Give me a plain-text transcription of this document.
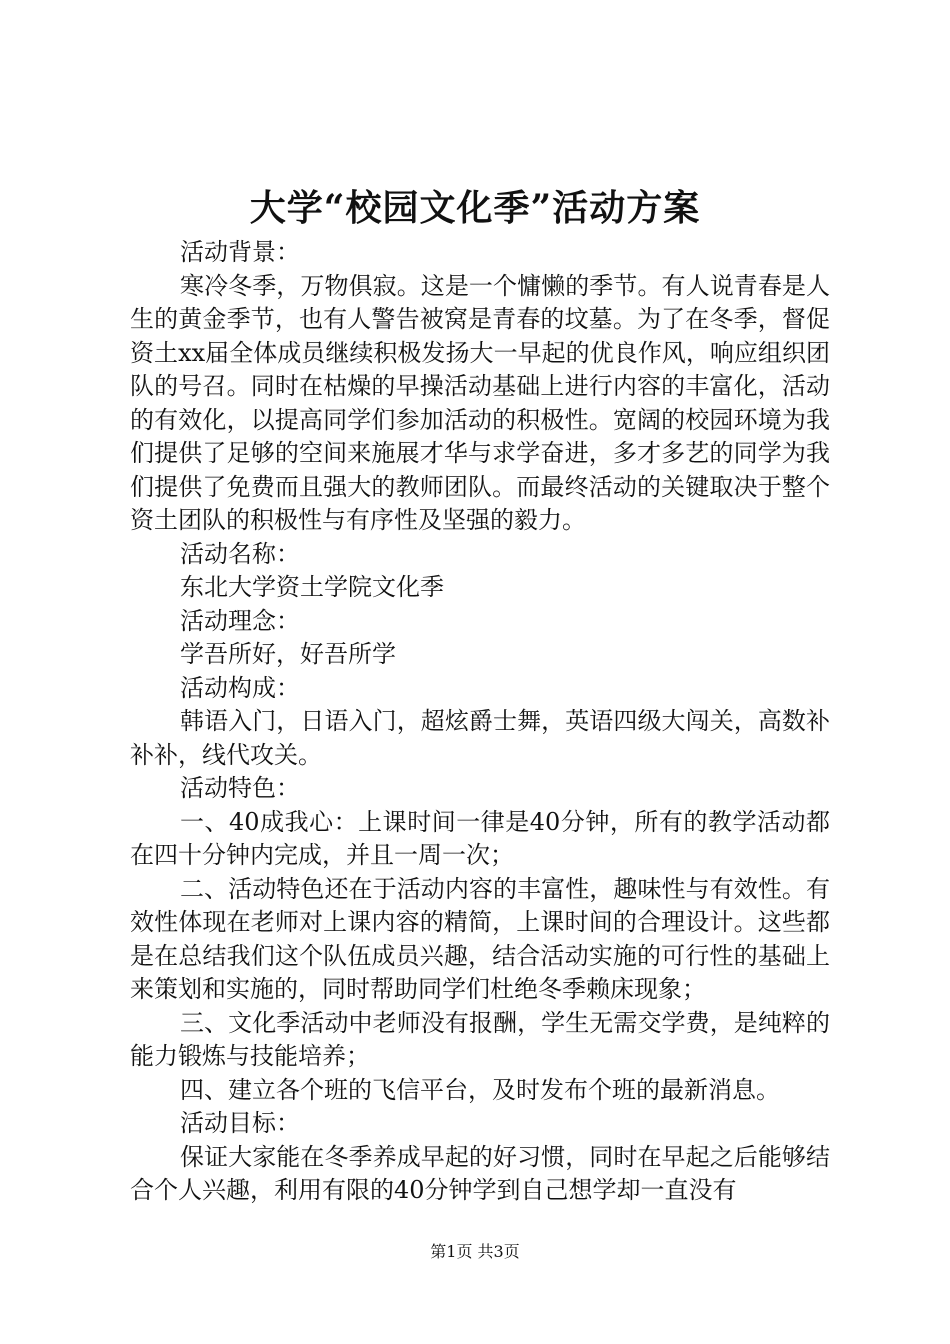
大学“校园文化季”活动方案

活动背景：

寒冷冬季，万物俱寂。这是一个慵懒的季节。有人说青春是人生的黄金季节，也有人警告被窝是青春的坟墓。为了在冬季，督促资土xx届全体成员继续积极发扬大一早起的优良作风，响应组织团队的号召。同时在枯燥的早操活动基础上进行内容的丰富化，活动的有效化，以提高同学们参加活动的积极性。宽阔的校园环境为我们提供了足够的空间来施展才华与求学奋进，多才多艺的同学为我们提供了免费而且强大的教师团队。而最终活动的关键取决于整个资土团队的积极性与有序性及坚强的毅力。

活动名称：

东北大学资土学院文化季

活动理念：

学吾所好，好吾所学

活动构成：

韩语入门，日语入门，超炫爵士舞，英语四级大闯关，高数补补补，线代攻关。

活动特色：

一、40成我心：上课时间一律是40分钟，所有的教学活动都在四十分钟内完成，并且一周一次；

二、活动特色还在于活动内容的丰富性，趣味性与有效性。有效性体现在老师对上课内容的精简，上课时间的合理设计。这些都是在总结我们这个队伍成员兴趣，结合活动实施的可行性的基础上来策划和实施的，同时帮助同学们杜绝冬季赖床现象；

三、文化季活动中老师没有报酬，学生无需交学费，是纯粹的能力锻炼与技能培养；

四、建立各个班的飞信平台，及时发布个班的最新消息。

活动目标：

保证大家能在冬季养成早起的好习惯，同时在早起之后能够结合个人兴趣，利用有限的40分钟学到自己想学却一直没有

第1页 共3页
